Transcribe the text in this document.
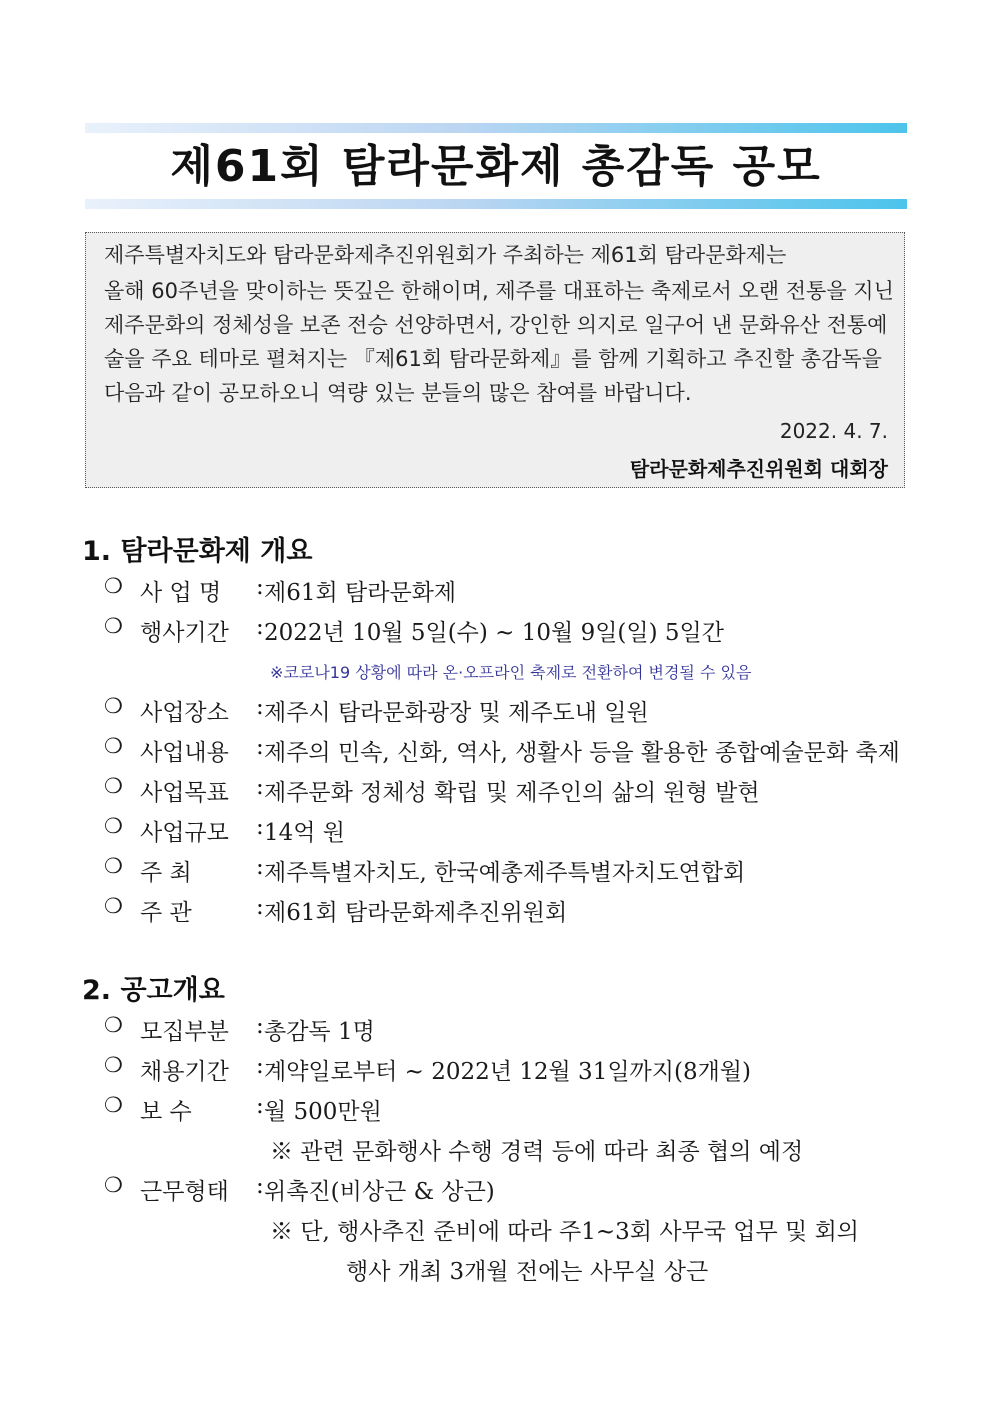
제61회 탐라문화제 총감독 공모
제주특별자치도와 탐라문화제추진위원회가 주최하는 제61회 탐라문화제는
올해 60주년을 맞이하는 뜻깊은 한해이며, 제주를 대표하는 축제로서 오랜 전통을 지닌
제주문화의 정체성을 보존 전승 선양하면서, 강인한 의지로 일구어 낸 문화유산 전통예
술을 주요 테마로 펼쳐지는 『제61회 탐라문화제』를 함께 기획하고 추진할 총감독을
다음과 같이 공모하오니 역량 있는 분들의 많은 참여를 바랍니다.
2022. 4. 7.
탐라문화제추진위원회 대회장
1. 탐라문화제 개요
❍ 사 업 명 : 제61회 탐라문화제
❍ 행사기간 : 2022년 10월 5일(수) ~ 10월 9일(일) 5일간
※코로나19 상황에 따라 온·오프라인 축제로 전환하여 변경될 수 있음
❍ 사업장소 : 제주시 탐라문화광장 및 제주도내 일원
❍ 사업내용 : 제주의 민속, 신화, 역사, 생활사 등을 활용한 종합예술문화 축제
❍ 사업목표 : 제주문화 정체성 확립 및 제주인의 삶의 원형 발현
❍ 사업규모 : 14억 원
❍ 주 최	: 제주특별자치도, 한국예총제주특별자치도연합회
❍ 주 관	: 제61회 탐라문화제추진위원회
2. 공고개요
❍ 모집부분 : 총감독 1명
❍ 채용기간 : 계약일로부터 ~ 2022년 12월 31일까지(8개월)
❍ 보 수	: 월 500만원
※ 관련 문화행사 수행 경력 등에 따라 최종 협의 예정
❍ 근무형태 : 위촉진(비상근 & 상근)
※ 단, 행사추진 준비에 따라 주1~3회 사무국 업무 및 회의
행사 개최 3개월 전에는 사무실 상근
